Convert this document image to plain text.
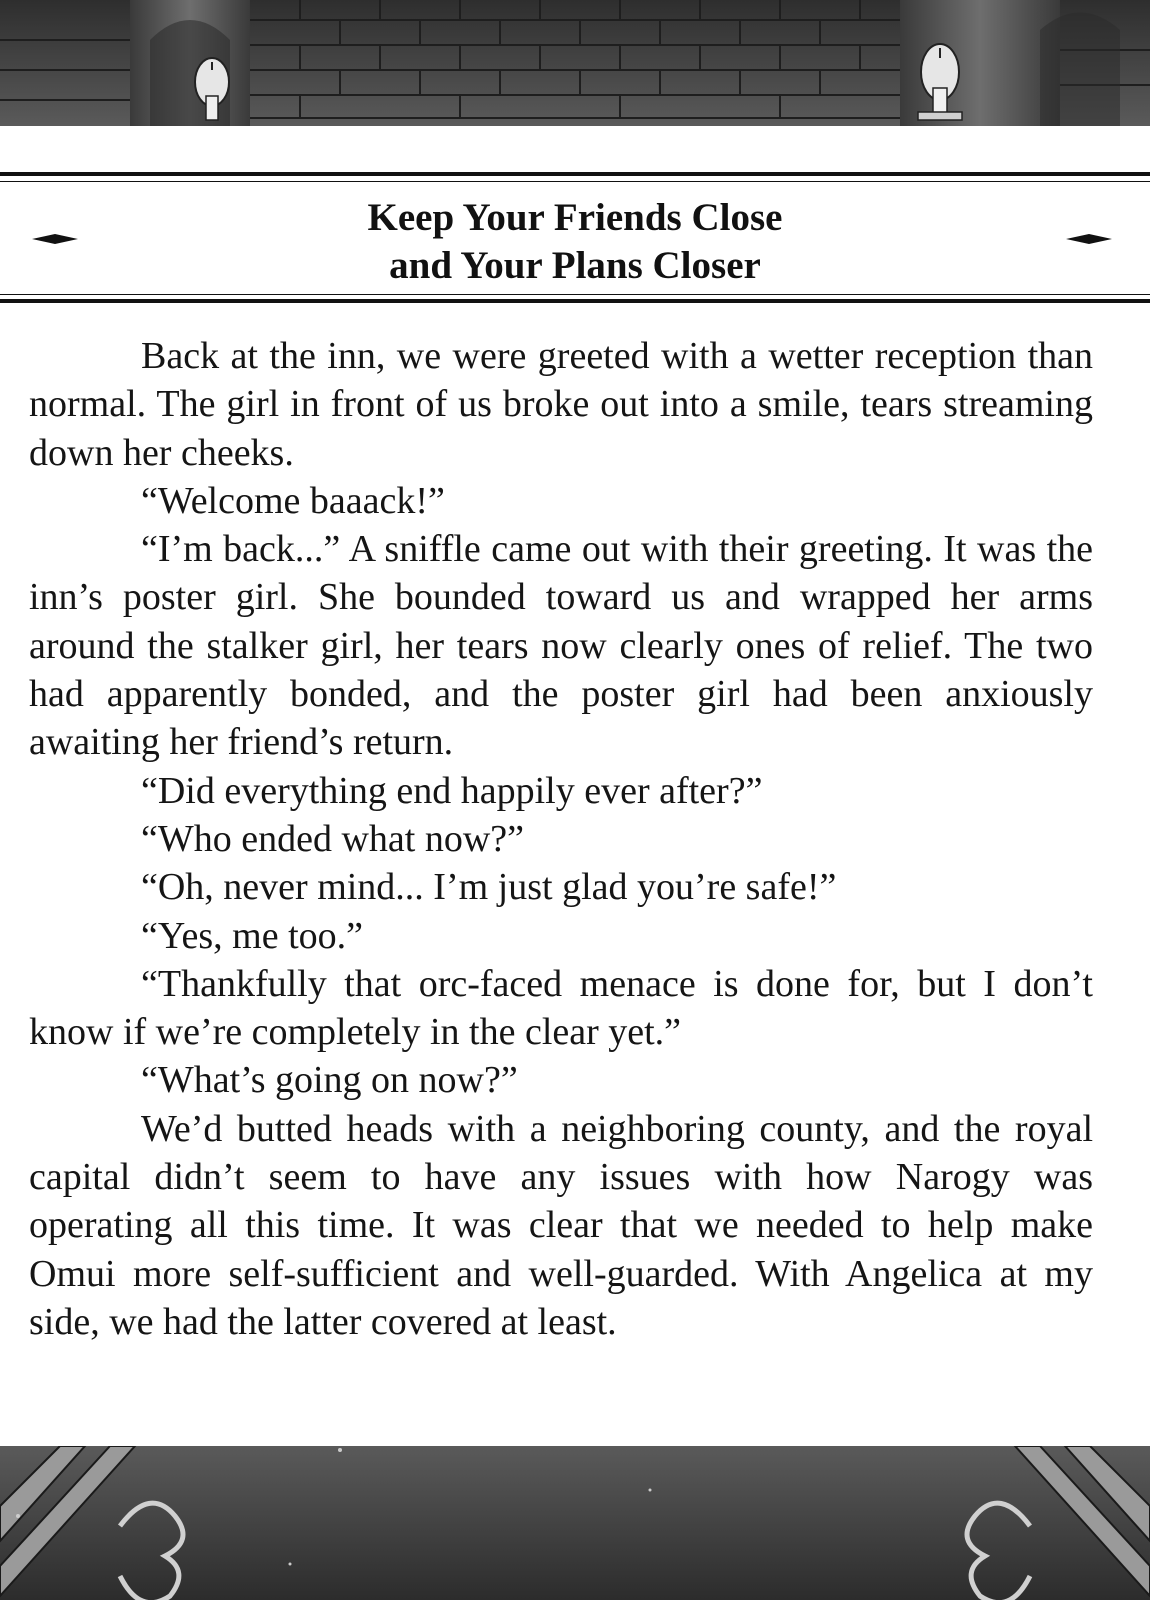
Keep Your Friends Close
and Your Plans Closer

Back at the inn, we were greeted with a wetter reception than normal. The girl in front of us broke out into a smile, tears streaming down her cheeks.

“Welcome baaack!”

“I’m back...” A sniffle came out with their greeting. It was the inn’s poster girl. She bounded toward us and wrapped her arms around the stalker girl, her tears now clearly ones of relief. The two had apparently bonded, and the poster girl had been anxiously awaiting her friend’s return.

“Did everything end happily ever after?”

“Who ended what now?”

“Oh, never mind... I’m just glad you’re safe!”

“Yes, me too.”

“Thankfully that orc-faced menace is done for, but I don’t know if we’re completely in the clear yet.”

“What’s going on now?”

We’d butted heads with a neighboring county, and the royal capital didn’t seem to have any issues with how Narogy was operating all this time. It was clear that we needed to help make Omui more self-sufficient and well-guarded. With Angelica at my side, we had the latter covered at least.
